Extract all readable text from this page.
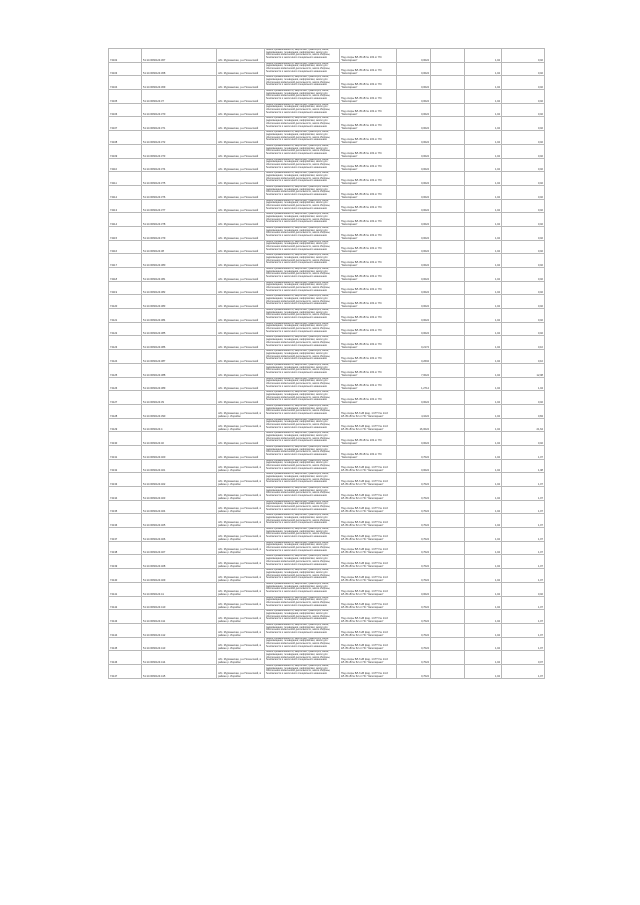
74102	51:14:0060124:367	обл. Мурманская, р-н Печенгский	Земли промышленности, энергетики, транспорта, связи, радиовещания, телевидения, информатики, земли для обеспечения космической деятельности, земли обороны, безопасности и земли иного специального назначения	Под опоры ВЛ-35 кВ № 103 от ПС "Заполярная"	0,0024		1,04	0,02
74103	51:14:0060124:368	обл. Мурманская, р-н Печенгский	Земли промышленности, энергетики, транспорта, связи, радиовещания, телевидения, информатики, земли для обеспечения космической деятельности, земли обороны, безопасности и земли иного специального назначения	Под опоры ВЛ-35 кВ № 103 от ПС "Заполярная"	0,0024		1,04	0,02
74104	51:14:0060124:369	обл. Мурманская, р-н Печенгский	Земли промышленности, энергетики, транспорта, связи, радиовещания, телевидения, информатики, земли для обеспечения космической деятельности, земли обороны, безопасности и земли иного специального назначения	Под опоры ВЛ-35 кВ № 103 от ПС "Заполярная"	0,0024		1,04	0,02
74105	51:14:0060124:37	обл. Мурманская, р-н Печенгский	Земли промышленности, энергетики, транспорта, связи, радиовещания, телевидения, информатики, земли для обеспечения космической деятельности, земли обороны, безопасности и земли иного специального назначения	Под опоры ВЛ-35 кВ № 103 от ПС "Заполярная"	0,0024		1,04	0,02
74106	51:14:0060124:370	обл. Мурманская, р-н Печенгский	Земли промышленности, энергетики, транспорта, связи, радиовещания, телевидения, информатики, земли для обеспечения космической деятельности, земли обороны, безопасности и земли иного специального назначения	Под опоры ВЛ-35 кВ № 103 от ПС "Заполярная"	0,0024		1,04	0,02
74107	51:14:0060124:371	обл. Мурманская, р-н Печенгский	Земли промышленности, энергетики, транспорта, связи, радиовещания, телевидения, информатики, земли для обеспечения космической деятельности, земли обороны, безопасности и земли иного специального назначения	Под опоры ВЛ-35 кВ № 103 от ПС "Заполярная"	0,0024		1,04	0,02
74108	51:14:0060124:372	обл. Мурманская, р-н Печенгский	Земли промышленности, энергетики, транспорта, связи, радиовещания, телевидения, информатики, земли для обеспечения космической деятельности, земли обороны, безопасности и земли иного специального назначения	Под опоры ВЛ-35 кВ № 103 от ПС "Заполярная"	0,0024		1,04	0,02
74109	51:14:0060124:373	обл. Мурманская, р-н Печенгский	Земли промышленности, энергетики, транспорта, связи, радиовещания, телевидения, информатики, земли для обеспечения космической деятельности, земли обороны, безопасности и земли иного специального назначения	Под опоры ВЛ-35 кВ № 103 от ПС "Заполярная"	0,0024		1,04	0,02
74110	51:14:0060124:374	обл. Мурманская, р-н Печенгский	Земли промышленности, энергетики, транспорта, связи, радиовещания, телевидения, информатики, земли для обеспечения космической деятельности, земли обороны, безопасности и земли иного специального назначения	Под опоры ВЛ-35 кВ № 103 от ПС "Заполярная"	0,0024		1,04	0,02
74111	51:14:0060124:375	обл. Мурманская, р-н Печенгский	Земли промышленности, энергетики, транспорта, связи, радиовещания, телевидения, информатики, земли для обеспечения космической деятельности, земли обороны, безопасности и земли иного специального назначения	Под опоры ВЛ-35 кВ № 103 от ПС "Заполярная"	0,0024		1,04	0,02
74112	51:14:0060124:376	обл. Мурманская, р-н Печенгский	Земли промышленности, энергетики, транспорта, связи, радиовещания, телевидения, информатики, земли для обеспечения космической деятельности, земли обороны, безопасности и земли иного специального назначения	Под опоры ВЛ-35 кВ № 103 от ПС "Заполярная"	0,0024		1,04	0,02
74113	51:14:0060124:377	обл. Мурманская, р-н Печенгский	Земли промышленности, энергетики, транспорта, связи, радиовещания, телевидения, информатики, земли для обеспечения космической деятельности, земли обороны, безопасности и земли иного специального назначения	Под опоры ВЛ-35 кВ № 103 от ПС "Заполярная"	0,0024		1,04	0,02
74114	51:14:0060124:378	обл. Мурманская, р-н Печенгский	Земли промышленности, энергетики, транспорта, связи, радиовещания, телевидения, информатики, земли для обеспечения космической деятельности, земли обороны, безопасности и земли иного специального назначения	Под опоры ВЛ-35 кВ № 103 от ПС "Заполярная"	0,0024		1,04	0,02
74115	51:14:0060124:379	обл. Мурманская, р-н Печенгский	Земли промышленности, энергетики, транспорта, связи, радиовещания, телевидения, информатики, земли для обеспечения космической деятельности, земли обороны, безопасности и земли иного специального назначения	Под опоры ВЛ-35 кВ № 103 от ПС "Заполярная"	0,0024		1,04	0,02
74116	51:14:0060124:38	обл. Мурманская, р-н Печенгский	Земли промышленности, энергетики, транспорта, связи, радиовещания, телевидения, информатики, земли для обеспечения космической деятельности, земли обороны, безопасности и земли иного специального назначения	Под опоры ВЛ-35 кВ № 103 от ПС "Заполярная"	0,0024		1,04	0,02
74117	51:14:0060124:380	обл. Мурманская, р-н Печенгский	Земли промышленности, энергетики, транспорта, связи, радиовещания, телевидения, информатики, земли для обеспечения космической деятельности, земли обороны, безопасности и земли иного специального назначения	Под опоры ВЛ-35 кВ № 103 от ПС "Заполярная"	0,0024		1,04	0,02
74118	51:14:0060124:381	обл. Мурманская, р-н Печенгский	Земли промышленности, энергетики, транспорта, связи, радиовещания, телевидения, информатики, земли для обеспечения космической деятельности, земли обороны, безопасности и земли иного специального назначения	Под опоры ВЛ-35 кВ № 103 от ПС "Заполярная"	0,0024		1,04	0,02
74119	51:14:0060124:382	обл. Мурманская, р-н Печенгский	Земли промышленности, энергетики, транспорта, связи, радиовещания, телевидения, информатики, земли для обеспечения космической деятельности, земли обороны, безопасности и земли иного специального назначения	Под опоры ВЛ-35 кВ № 103 от ПС "Заполярная"	0,0024		1,04	0,02
74120	51:14:0060124:383	обл. Мурманская, р-н Печенгский	Земли промышленности, энергетики, транспорта, связи, радиовещания, телевидения, информатики, земли для обеспечения космической деятельности, земли обороны, безопасности и земли иного специального назначения	Под опоры ВЛ-35 кВ № 103 от ПС "Заполярная"	0,0024		1,04	0,02
74121	51:14:0060124:384	обл. Мурманская, р-н Печенгский	Земли промышленности, энергетики, транспорта, связи, радиовещания, телевидения, информатики, земли для обеспечения космической деятельности, земли обороны, безопасности и земли иного специального назначения	Под опоры ВЛ-35 кВ № 103 от ПС "Заполярная"	0,0024		1,04	0,02
74122	51:14:0060124:385	обл. Мурманская, р-н Печенгский	Земли промышленности, энергетики, транспорта, связи, радиовещания, телевидения, информатики, земли для обеспечения космической деятельности, земли обороны, безопасности и земли иного специального назначения	Под опоры ВЛ-35 кВ № 103 от ПС "Заполярная"	0,0024		1,04	0,02
74123	51:14:0060124:386	обл. Мурманская, р-н Печенгский	Земли промышленности, энергетики, транспорта, связи, радиовещания, телевидения, информатики, земли для обеспечения космической деятельности, земли обороны, безопасности и земли иного специального назначения	Под опоры ВЛ-35 кВ № 103 от ПС "Заполярная"	0,2174		1,04	0,10
74124	51:14:0060124:387	обл. Мурманская, р-н Печенгский	Земли промышленности, энергетики, транспорта, связи, радиовещания, телевидения, информатики, земли для обеспечения космической деятельности, земли обороны, безопасности и земли иного специального назначения	Под опоры ВЛ-35 кВ № 103 от ПС "Заполярная"	0,2604		1,04	0,10
74125	51:14:0060124:388	обл. Мурманская, р-н Печенгский	Земли промышленности, энергетики, транспорта, связи, радиовещания, телевидения, информатики, земли для обеспечения космической деятельности, земли обороны, безопасности и земли иного специального назначения	Под опоры ВЛ-35 кВ № 103 от ПС "Заполярная"	7,0024		1,04	12,08
74126	51:14:0060124:389	обл. Мурманская, р-н Печенгский	Земли промышленности, энергетики, транспорта, связи, радиовещания, телевидения, информатики, земли для обеспечения космической деятельности, земли обороны, безопасности и земли иного специального назначения	Под опоры ВЛ-35 кВ № 103 от ПС "Заполярная"	1,2714		1,04	1,04
74127	51:14:0060124:39	обл. Мурманская, р-н Печенгский	Земли промышленности, энергетики, транспорта, связи, радиовещания, телевидения, информатики, земли для обеспечения космической деятельности, земли обороны, безопасности и земли иного специального назначения	Под опоры ВЛ-35 кВ № 103 от ПС "Заполярная"	0,0024		1,04	0,02
74128	51:14:0060124:390	обл. Мурманская, р-н Печенгский, в районе р. Иорийок	Земли промышленности, энергетики, транспорта, связи, радиовещания, телевидения, информатики, земли для обеспечения космической деятельности, земли обороны, безопасности и земли иного специального назначения	Под опоры ВЛ-6 кВ фид. 1 КТП № 14-6 КЛ-35 кВ № 52 от ПС "Заполярная"	4,1024		1,04	0,84
74129	51:14:0060124:4	обл. Мурманская, р-н Печенгский, в районе р. Иорийок	Земли промышленности, энергетики, транспорта, связи, радиовещания, телевидения, информатики, земли для обеспечения космической деятельности, земли обороны, безопасности и земли иного специального назначения	Под опоры ВЛ-6 кВ фид. 1 КТП № 14-6 КЛ-35 кВ № 52 от ПС "Заполярная"	16,0024		1,04	21,64
74130	51:14:0060124:40	обл. Мурманская, р-н Печенгский	Земли промышленности, энергетики, транспорта, связи, радиовещания, телевидения, информатики, земли для обеспечения космической деятельности, земли обороны, безопасности и земли иного специального назначения	Под опоры ВЛ-35 кВ № 103 от ПС "Заполярная"	0,0024		1,04	0,02
74131	51:14:0060124:400	обл. Мурманская, р-н Печенгский	Земли промышленности, энергетики, транспорта, связи, радиовещания, телевидения, информатики, земли для обеспечения космической деятельности, земли обороны, безопасности и земли иного специального назначения	Под опоры ВЛ-35 кВ № 103 от ПС "Заполярная"	0,7024		1,04	1,07
74132	51:14:0060124:401	обл. Мурманская, р-н Печенгский, в районе р. Иорийок	Земли промышленности, энергетики, транспорта, связи, радиовещания, телевидения, информатики, земли для обеспечения космической деятельности, земли обороны, безопасности и земли иного специального назначения	Под опоры ВЛ-6 кВ фид. 1 КТП № 14-6 КЛ-35 кВ № 52 от ПС "Заполярная"	0,0024		1,04	1,08
74133	51:14:0060124:402	обл. Мурманская, р-н Печенгский, в районе р. Иорийок	Земли промышленности, энергетики, транспорта, связи, радиовещания, телевидения, информатики, земли для обеспечения космической деятельности, земли обороны, безопасности и земли иного специального назначения	Под опоры ВЛ-6 кВ фид. 1 КТП № 14-6 КЛ-35 кВ № 52 от ПС "Заполярная"	0,7024		1,04	1,07
74134	51:14:0060124:403	обл. Мурманская, р-н Печенгский, в районе р. Иорийок	Земли промышленности, энергетики, транспорта, связи, радиовещания, телевидения, информатики, земли для обеспечения космической деятельности, земли обороны, безопасности и земли иного специального назначения	Под опоры ВЛ-6 кВ фид. 1 КТП № 14-6 КЛ-35 кВ № 52 от ПС "Заполярная"	0,7024		1,04	1,07
74135	51:14:0060124:404	обл. Мурманская, р-н Печенгский, в районе р. Иорийок	Земли промышленности, энергетики, транспорта, связи, радиовещания, телевидения, информатики, земли для обеспечения космической деятельности, земли обороны, безопасности и земли иного специального назначения	Под опоры ВЛ-6 кВ фид. 1 КТП № 14-6 КЛ-35 кВ № 52 от ПС "Заполярная"	0,7024		1,04	1,07
74136	51:14:0060124:405	обл. Мурманская, р-н Печенгский, в районе р. Иорийок	Земли промышленности, энергетики, транспорта, связи, радиовещания, телевидения, информатики, земли для обеспечения космической деятельности, земли обороны, безопасности и земли иного специального назначения	Под опоры ВЛ-6 кВ фид. 1 КТП № 14-6 КЛ-35 кВ № 52 от ПС "Заполярная"	0,7024		1,04	1,07
74137	51:14:0060124:406	обл. Мурманская, р-н Печенгский, в районе р. Иорийок	Земли промышленности, энергетики, транспорта, связи, радиовещания, телевидения, информатики, земли для обеспечения космической деятельности, земли обороны, безопасности и земли иного специального назначения	Под опоры ВЛ-6 кВ фид. 1 КТП № 14-6 КЛ-35 кВ № 52 от ПС "Заполярная"	0,7024		1,04	1,07
74138	51:14:0060124:407	обл. Мурманская, р-н Печенгский, в районе р. Иорийок	Земли промышленности, энергетики, транспорта, связи, радиовещания, телевидения, информатики, земли для обеспечения космической деятельности, земли обороны, безопасности и земли иного специального назначения	Под опоры ВЛ-6 кВ фид. 1 КТП № 14-6 КЛ-35 кВ № 52 от ПС "Заполярная"	0,7024		1,04	1,07
74139	51:14:0060124:408	обл. Мурманская, р-н Печенгский, в районе р. Иорийок	Земли промышленности, энергетики, транспорта, связи, радиовещания, телевидения, информатики, земли для обеспечения космической деятельности, земли обороны, безопасности и земли иного специального назначения	Под опоры ВЛ-6 кВ фид. 1 КТП № 14-6 КЛ-35 кВ № 52 от ПС "Заполярная"	0,7024		1,04	1,07
74140	51:14:0060124:409	обл. Мурманская, р-н Печенгский, в районе р. Иорийок	Земли промышленности, энергетики, транспорта, связи, радиовещания, телевидения, информатики, земли для обеспечения космической деятельности, земли обороны, безопасности и земли иного специального назначения	Под опоры ВЛ-6 кВ фид. 1 КТП № 14-6 КЛ-35 кВ № 52 от ПС "Заполярная"	0,7024		1,04	1,07
74141	51:14:0060124:41	обл. Мурманская, р-н Печенгский, в районе р. Иорийок	Земли промышленности, энергетики, транспорта, связи, радиовещания, телевидения, информатики, земли для обеспечения космической деятельности, земли обороны, безопасности и земли иного специального назначения	Под опоры ВЛ-6 кВ фид. 1 КТП № 14-6 КЛ-35 кВ № 52 от ПС "Заполярная"	0,0024		1,04	0,02
74142	51:14:0060124:410	обл. Мурманская, р-н Печенгский, в районе р. Иорийок	Земли промышленности, энергетики, транспорта, связи, радиовещания, телевидения, информатики, земли для обеспечения космической деятельности, земли обороны, безопасности и земли иного специального назначения	Под опоры ВЛ-6 кВ фид. 1 КТП № 14-6 КЛ-35 кВ № 52 от ПС "Заполярная"	0,7024		1,04	1,07
74143	51:14:0060124:411	обл. Мурманская, р-н Печенгский, в районе р. Иорийок	Земли промышленности, энергетики, транспорта, связи, радиовещания, телевидения, информатики, земли для обеспечения космической деятельности, земли обороны, безопасности и земли иного специального назначения	Под опоры ВЛ-6 кВ фид. 1 КТП № 14-6 КЛ-35 кВ № 52 от ПС "Заполярная"	0,7024		1,04	1,07
74144	51:14:0060124:412	обл. Мурманская, р-н Печенгский, в районе р. Иорийок	Земли промышленности, энергетики, транспорта, связи, радиовещания, телевидения, информатики, земли для обеспечения космической деятельности, земли обороны, безопасности и земли иного специального назначения	Под опоры ВЛ-6 кВ фид. 1 КТП № 14-6 КЛ-35 кВ № 52 от ПС "Заполярная"	0,7024		1,04	1,07
74145	51:14:0060124:413	обл. Мурманская, р-н Печенгский, в районе р. Иорийок	Земли промышленности, энергетики, транспорта, связи, радиовещания, телевидения, информатики, земли для обеспечения космической деятельности, земли обороны, безопасности и земли иного специального назначения	Под опоры ВЛ-6 кВ фид. 1 КТП № 14-6 КЛ-35 кВ № 52 от ПС "Заполярная"	0,7024		1,04	1,07
74146	51:14:0060124:414	обл. Мурманская, р-н Печенгский, в районе р. Иорийок	Земли промышленности, энергетики, транспорта, связи, радиовещания, телевидения, информатики, земли для обеспечения космической деятельности, земли обороны, безопасности и земли иного специального назначения	Под опоры ВЛ-6 кВ фид. 1 КТП № 14-6 КЛ-35 кВ № 52 от ПС "Заполярная"	0,7024		1,04	0,07
74147	51:14:0060124:415	обл. Мурманская, р-н Печенгский, в районе р. Иорийок	Земли промышленности, энергетики, транспорта, связи, радиовещания, телевидения, информатики, земли для обеспечения космической деятельности, земли обороны, безопасности и земли иного специального назначения	Под опоры ВЛ-6 кВ фид. 1 КТП № 14-6 КЛ-35 кВ № 52 от ПС "Заполярная"	0,7024		1,04	1,07
